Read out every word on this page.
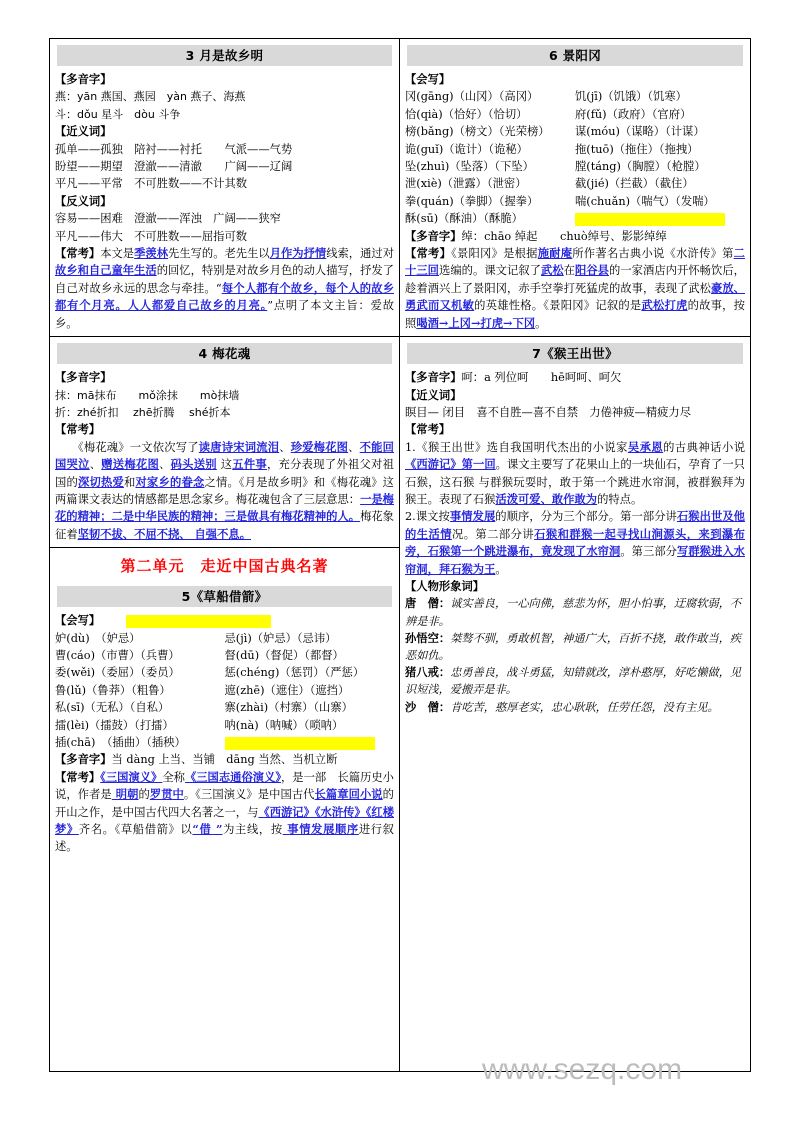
3 月是故乡明
【多音字】
燕：yān 燕国、燕园　yàn 燕子、海燕
斗：dǒu 星斗　dòu 斗争
【近义词】
孤单——孤独　陪衬——衬托　　气派——气势
盼望——期望　澄澈——清澈　　广阔——辽阔
平凡——平常　不可胜数——不计其数
【反义词】
容易——困难　澄澈——浑浊　广阔——狭窄
平凡——伟大　不可胜数——屈指可数
【常考】本文是季羡林先生写的。老先生以月作为抒情线索，通过对故乡和自己童年生活的回忆，特别是对故乡月色的动人描写，抒发了自己对故乡永远的思念与牵挂。“每个人都有个故乡，每个人的故乡都有个月亮。人人都爱自己故乡的月亮。”点明了本文主旨：爱故乡。
4 梅花魂
【多音字】
抹：mā抹布　　mǒ涂抹　　mò抹墙
折：zhé折扣　 zhē折腾　 shé折本
【常考】
　　《梅花魂》一文依次写了读唐诗宋词流泪、珍爱梅花图、不能回国哭泣、赠送梅花图、码头送别 这五件事，充分表现了外祖父对祖国的深切热爱和对家乡的眷念之情。《月是故乡明》和《梅花魂》这两篇课文表达的情感都是思念家乡。梅花魂包含了三层意思：一是梅花的精神；二是中华民族的精神；三是做具有梅花精神的人。梅花象征着坚韧不拔、不屈不挠、 自强不息。
第二单元　走近中国古典名著
5《草船借箭》
【会写】
妒(dù)　（妒忌）	忌(jì)（妒忌）（忌讳）
曹(cáo)（市曹）（兵曹）	督(dū)（督促）（都督）
委(wěi)（委屈）（委员）	惩(chéng)（惩罚）（严惩）
鲁(lǔ)（鲁莽）（粗鲁）	遮(zhē)（遮住）（遮挡）
私(sī)（无私）（自私）	寨(zhài)（村寨）（山寨）
擂(lèi)（擂鼓）（打擂）	呐(nà)（呐喊）（唢呐）
插(chā)　（插曲）（插秧）
【多音字】当 dàng 上当、当铺　dāng 当然、当机立断
【常考】《三国演义》全称《三国志通俗演义》，是一部　长篇历史小说，作者是 明朝的罗贯中。《三国演义》是中国古代长篇章回小说的开山之作，是中国古代四大名著之一，与《西游记》《水浒传》《红楼梦》齐名。《草船借箭》以“借 ”为主线，按 事情发展顺序进行叙述。
6 景阳冈
【会写】
冈(gāng)（山冈）（高冈）	饥(jī)（饥饿）（饥寒）
恰(qià)（恰好）（恰切）	府(fǔ)（政府）（官府）
榜(bǎng)（榜文）（光荣榜）	谋(móu)（谋略）（计谋）
诡(guǐ)（诡计）（诡秘）	拖(tuō)（拖住）（拖拽）
坠(zhuì)（坠落）（下坠）	膛(táng)（胸膛）（枪膛）
泄(xiè)（泄露）（泄密）	截(jié)（拦截）（截住）
拳(quán)（拳脚）（握拳）	喘(chuǎn)（喘气）（发喘）
酥(sū)（酥油）（酥脆）
【多音字】绰：chāo 绰起　　chuò绰号、影影绰绰
【常考】《景阳冈》是根据施耐庵所作著名古典小说《水浒传》第二十三回选编的。课文记叙了武松在阳谷县的一家酒店内开怀畅饮后，趁着酒兴上了景阳冈，赤手空拳打死猛虎的故事，表现了武松豪放、勇武而又机敏的英雄性格。《景阳冈》记叙的是武松打虎的故事，按照喝酒→上冈→打虎→下冈。
7《猴王出世》
【多音字】呵：a 列位呵　　hē呵呵、呵欠
【近义词】
瞑目— 闭目　喜不自胜—喜不自禁　力倦神疲—精疲力尽
【常考】
1.《猴王出世》选自我国明代杰出的小说家吴承恩的古典神话小说《西游记》第一回。课文主要写了花果山上的一块仙石，孕育了一只石猴，这石猴 与群猴玩耍时，敢于第一个跳进水帘洞，被群猴拜为猴王。表现了石猴活泼可爱、敢作敢为的特点。
2.课文按事情发展的顺序，分为三个部分。第一部分讲石猴出世及他的生活情况。第二部分讲石猴和群猴一起寻找山涧源头，来到瀑布旁，石猴第一个跳进瀑布，竟发现了水帘洞。第三部分写群猴进入水帘洞，拜石猴为王。
【人物形象词】
唐　僧：诚实善良，一心向佛，慈悲为怀，胆小怕事，迂腐软弱，不辨是非。
孙悟空：桀骜不驯，勇敢机智，神通广大，百折不挠，敢作敢当，疾恶如仇。
猪八戒：忠勇善良，战斗勇猛，知错就改，淳朴憨厚，好吃懒做，见识短浅，爱搬弄是非。
沙　僧：肯吃苦，憨厚老实，忠心耿耿，任劳任怨，没有主见。
www.sezq.com
